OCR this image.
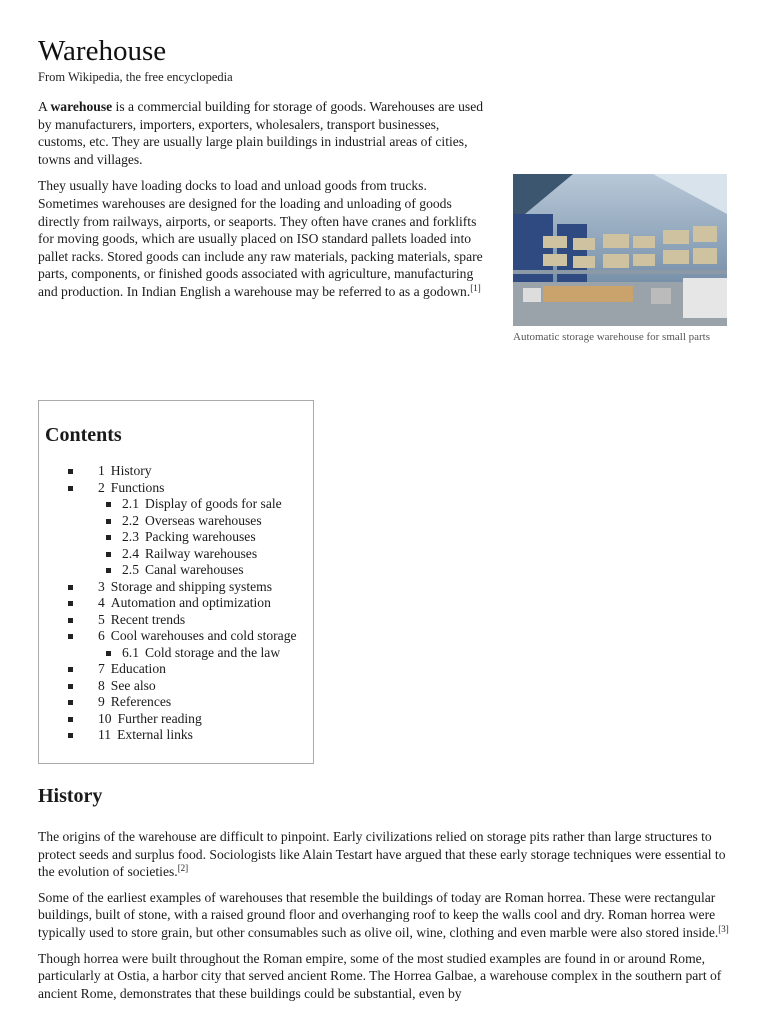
Warehouse
From Wikipedia, the free encyclopedia

A warehouse is a commercial building for storage of goods. Warehouses are used by manufacturers, importers, exporters, wholesalers, transport businesses, customs, etc. They are usually large plain buildings in industrial areas of cities, towns and villages.

They usually have loading docks to load and unload goods from trucks. Sometimes warehouses are designed for the loading and unloading of goods directly from railways, airports, or seaports. They often have cranes and forklifts for moving goods, which are usually placed on ISO standard pallets loaded into pallet racks. Stored goods can include any raw materials, packing materials, spare parts, components, or finished goods associated with agriculture, manufacturing and production. In Indian English a warehouse may be referred to as a godown.[1]

Automatic storage warehouse for small parts
Contents
1 History
2 Functions
2.1 Display of goods for sale
2.2 Overseas warehouses
2.3 Packing warehouses
2.4 Railway warehouses
2.5 Canal warehouses
3 Storage and shipping systems
4 Automation and optimization
5 Recent trends
6 Cool warehouses and cold storage
6.1 Cold storage and the law
7 Education
8 See also
9 References
10 Further reading
11 External links
History

The origins of the warehouse are difficult to pinpoint. Early civilizations relied on storage pits rather than large structures to protect seeds and surplus food. Sociologists like Alain Testart have argued that these early storage techniques were essential to the evolution of societies.[2]

Some of the earliest examples of warehouses that resemble the buildings of today are Roman horrea. These were rectangular buildings, built of stone, with a raised ground floor and overhanging roof to keep the walls cool and dry. Roman horrea were typically used to store grain, but other consumables such as olive oil, wine, clothing and even marble were also stored inside.[3]

Though horrea were built throughout the Roman empire, some of the most studied examples are found in or around Rome, particularly at Ostia, a harbor city that served ancient Rome. The Horrea Galbae, a warehouse complex in the southern part of ancient Rome, demonstrates that these buildings could be substantial, even by
